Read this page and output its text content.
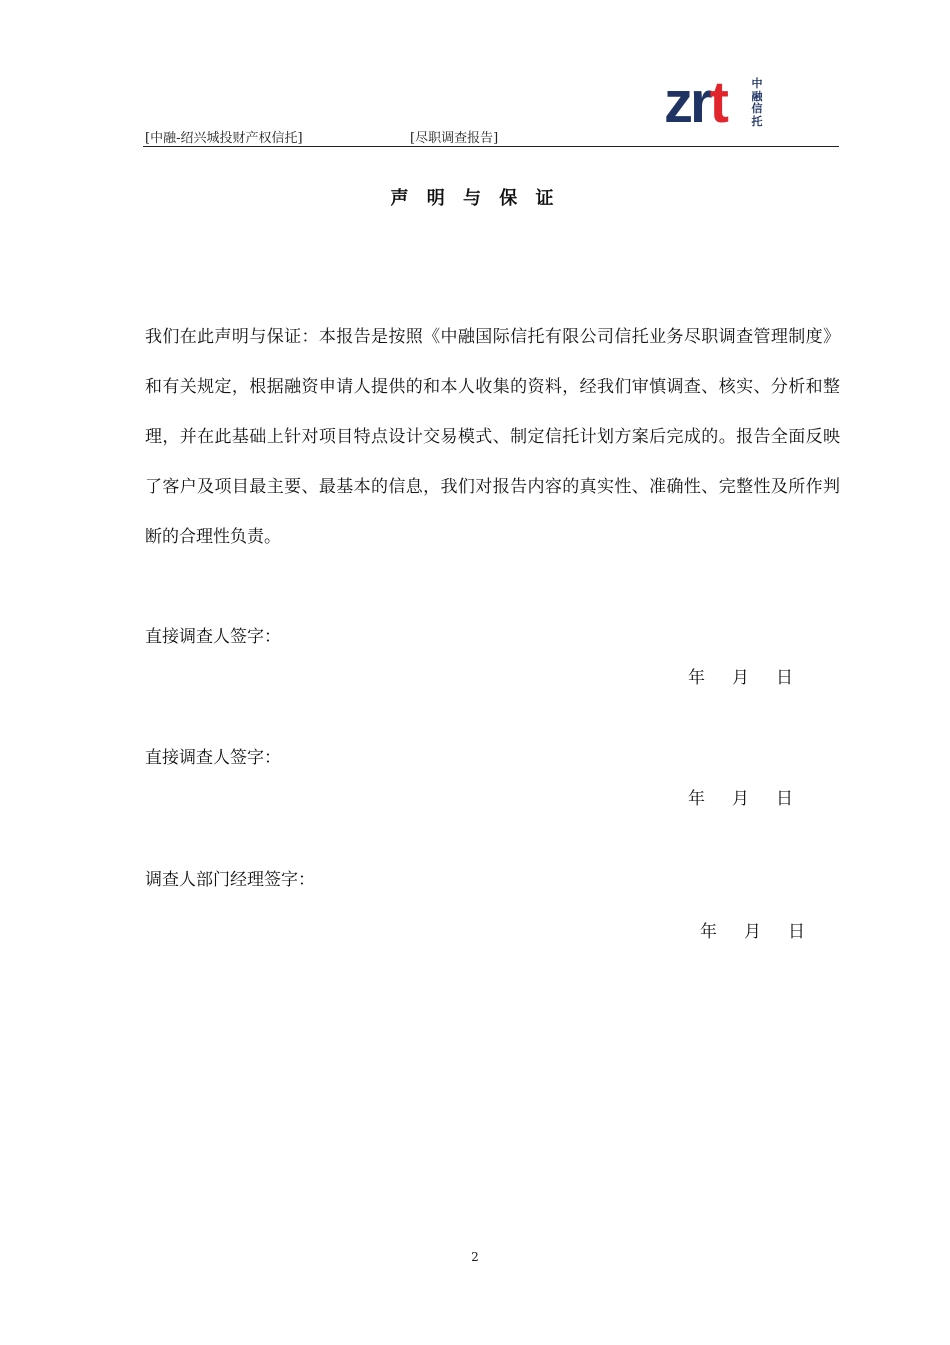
[中融-绍兴城投财产权信托]	[尽职调查报告]
zrt 中
融
信
托
声 明 与 保 证
我们在此声明与保证：本报告是按照《中融国际信托有限公司信托业务尽职调查管理制度》和有关规定，根据融资申请人提供的和本人收集的资料，经我们审慎调查、核实、分析和整理，并在此基础上针对项目特点设计交易模式、制定信托计划方案后完成的。报告全面反映了客户及项目最主要、最基本的信息，我们对报告内容的真实性、准确性、完整性及所作判断的合理性负责。
直接调查人签字：
年     月     日
直接调查人签字：
年     月     日
调查人部门经理签字：
年     月     日
2
